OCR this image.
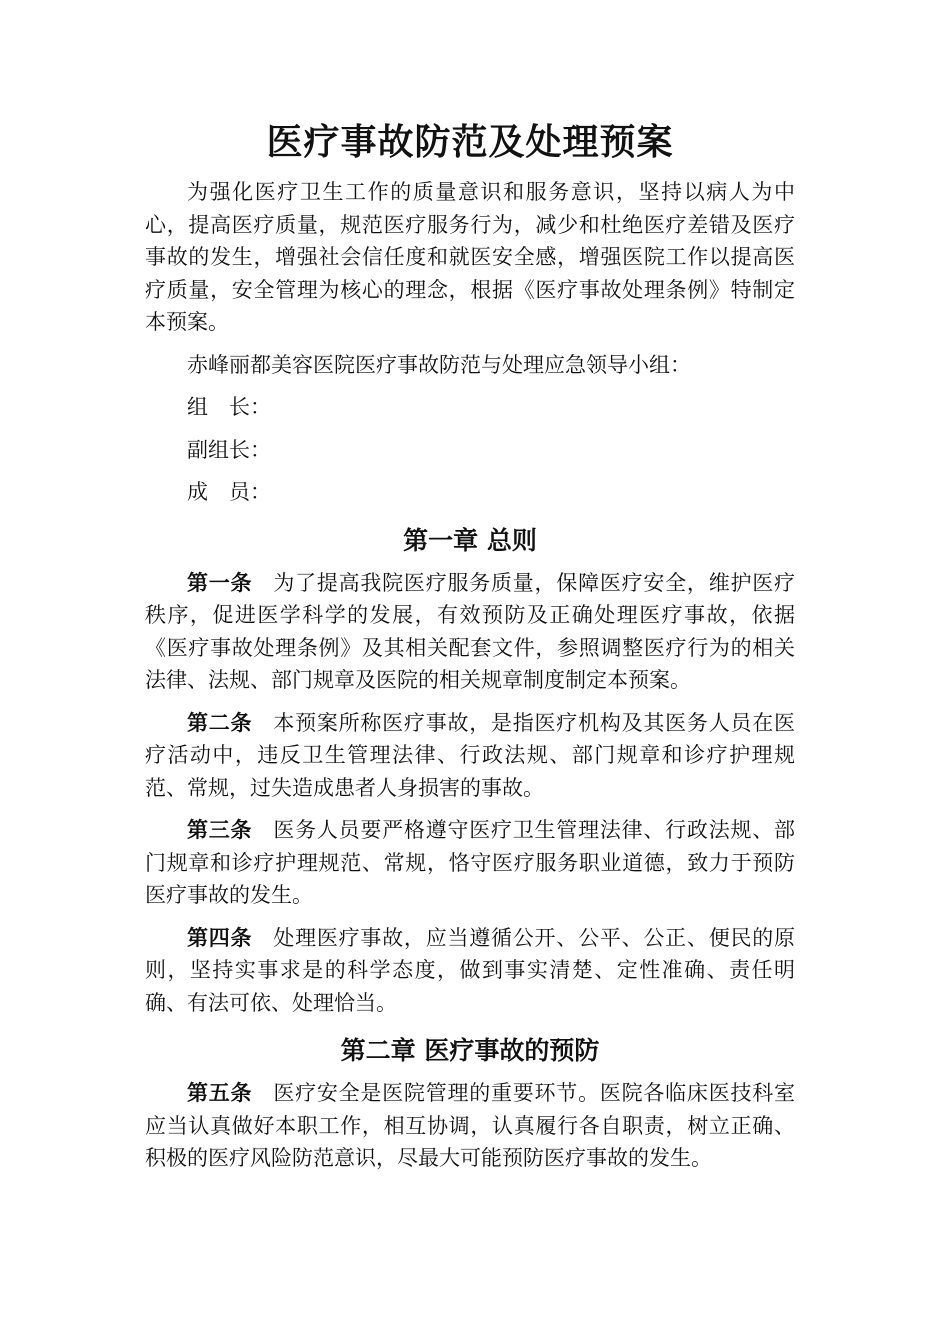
医疗事故防范及处理预案

为强化医疗卫生工作的质量意识和服务意识，坚持以病人为中心，提高医疗质量，规范医疗服务行为，减少和杜绝医疗差错及医疗事故的发生，增强社会信任度和就医安全感，增强医院工作以提高医疗质量，安全管理为核心的理念，根据《医疗事故处理条例》特制定本预案。

赤峰丽都美容医院医疗事故防范与处理应急领导小组：

组　长：

副组长：

成　员：

第一章 总则

第一条 为了提高我院医疗服务质量，保障医疗安全，维护医疗秩序，促进医学科学的发展，有效预防及正确处理医疗事故，依据《医疗事故处理条例》及其相关配套文件，参照调整医疗行为的相关法律、法规、部门规章及医院的相关规章制度制定本预案。

第二条 本预案所称医疗事故，是指医疗机构及其医务人员在医疗活动中，违反卫生管理法律、行政法规、部门规章和诊疗护理规范、常规，过失造成患者人身损害的事故。

第三条 医务人员要严格遵守医疗卫生管理法律、行政法规、部门规章和诊疗护理规范、常规，恪守医疗服务职业道德，致力于预防医疗事故的发生。

第四条 处理医疗事故，应当遵循公开、公平、公正、便民的原则，坚持实事求是的科学态度，做到事实清楚、定性准确、责任明确、有法可依、处理恰当。

第二章 医疗事故的预防

第五条 医疗安全是医院管理的重要环节。医院各临床医技科室应当认真做好本职工作，相互协调，认真履行各自职责，树立正确、积极的医疗风险防范意识，尽最大可能预防医疗事故的发生。
